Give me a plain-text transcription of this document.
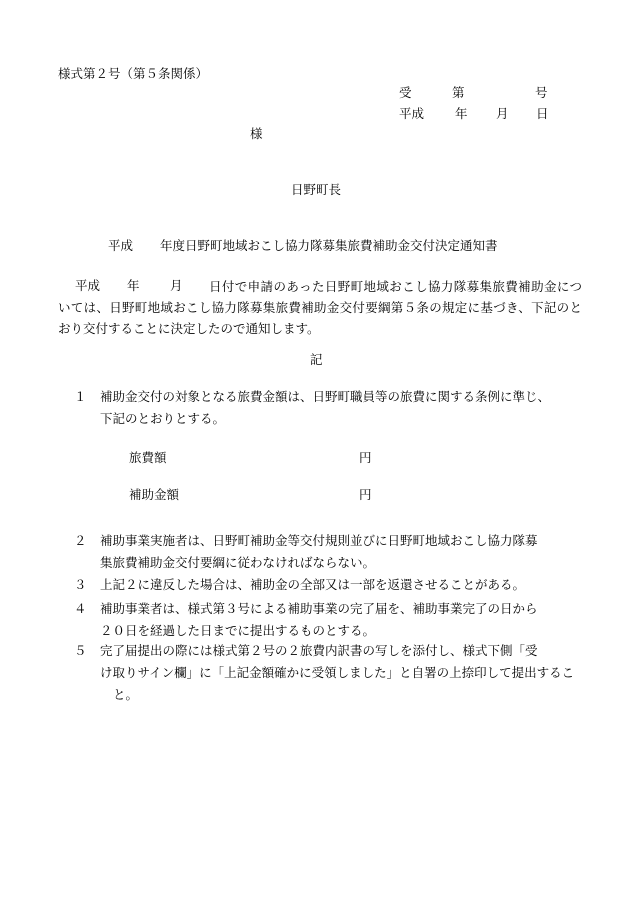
様式第２号（第５条関係）
受	第	号
平成 年 月 日
様
日野町長
平成 年度日野町地域おこし協力隊募集旅費補助金交付決定通知書
平成 年 月	日付で申請のあった日野町地域おこし協力隊募集旅費補助金については、日野町地域おこし協力隊募集旅費補助金交付要綱第５条の規定に基づき、下記のとおり交付することに決定したので通知します。
記
１ 補助金交付の対象となる旅費金額は、日野町職員等の旅費に関する条例に準じ、
下記のとおりとする。
旅費額	円
補助金額	円
２ 補助事業実施者は、日野町補助金等交付規則並びに日野町地域おこし協力隊募
集旅費補助金交付要綱に従わなければならない。
３ 上記２に違反した場合は、補助金の全部又は一部を返還させることがある。
４ 補助事業者は、様式第３号による補助事業の完了届を、補助事業完了の日から
２０日を経過した日までに提出するものとする。
５ 完了届提出の際には様式第２号の２旅費内訳書の写しを添付し、様式下側「受
け取りサイン欄」に「上記金額確かに受領しました」と自署の上捺印して提出すること。
